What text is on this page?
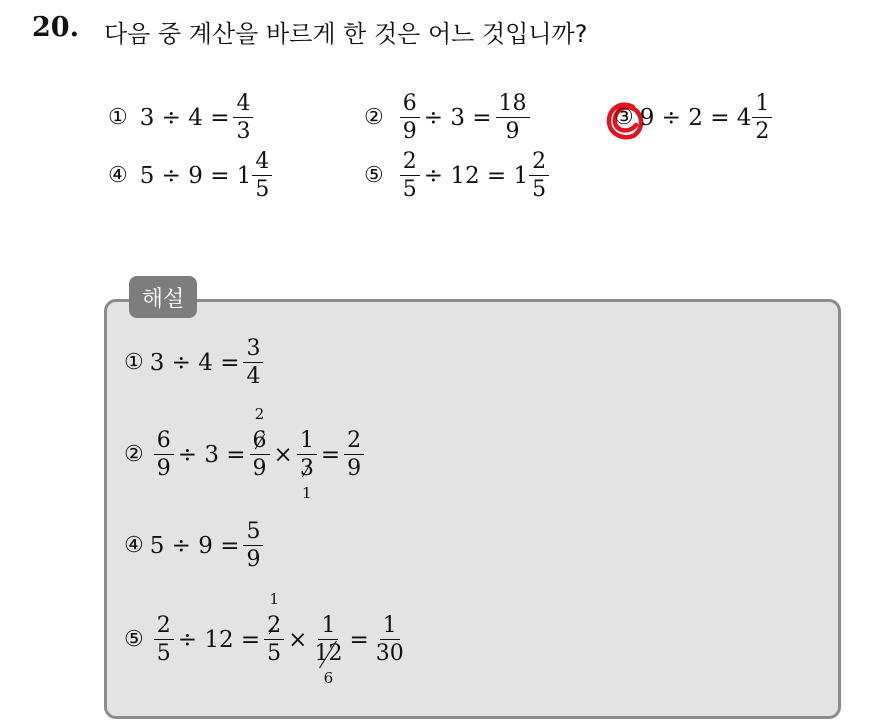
20. 다음 중 계산을 바르게 한 것은 어느 것입니까?
① $3 \div 4 = \frac{4}{3}$	② $\frac{6}{9} \div 3 = \frac{18}{9}$	③ $9 \div 2 = 4 \frac{1}{2}$
④ $5 \div 9 = 1 \frac{4}{5}$	⑤ $\frac{2}{5} \div 12 = 1 \frac{2}{5}$
해설
① $3 \div 4 = \frac{3}{4}$
② $\frac{6}{9} \div 3 = 2$
6
9 × 1
3
$1 = \frac{2}{9}$
④ $5 \div 9 = \frac{5}{9}$
⑤ $\frac{2}{5} \div 12 = 1$
2
5 × 1
12
$6 = \frac{1}{30}$
